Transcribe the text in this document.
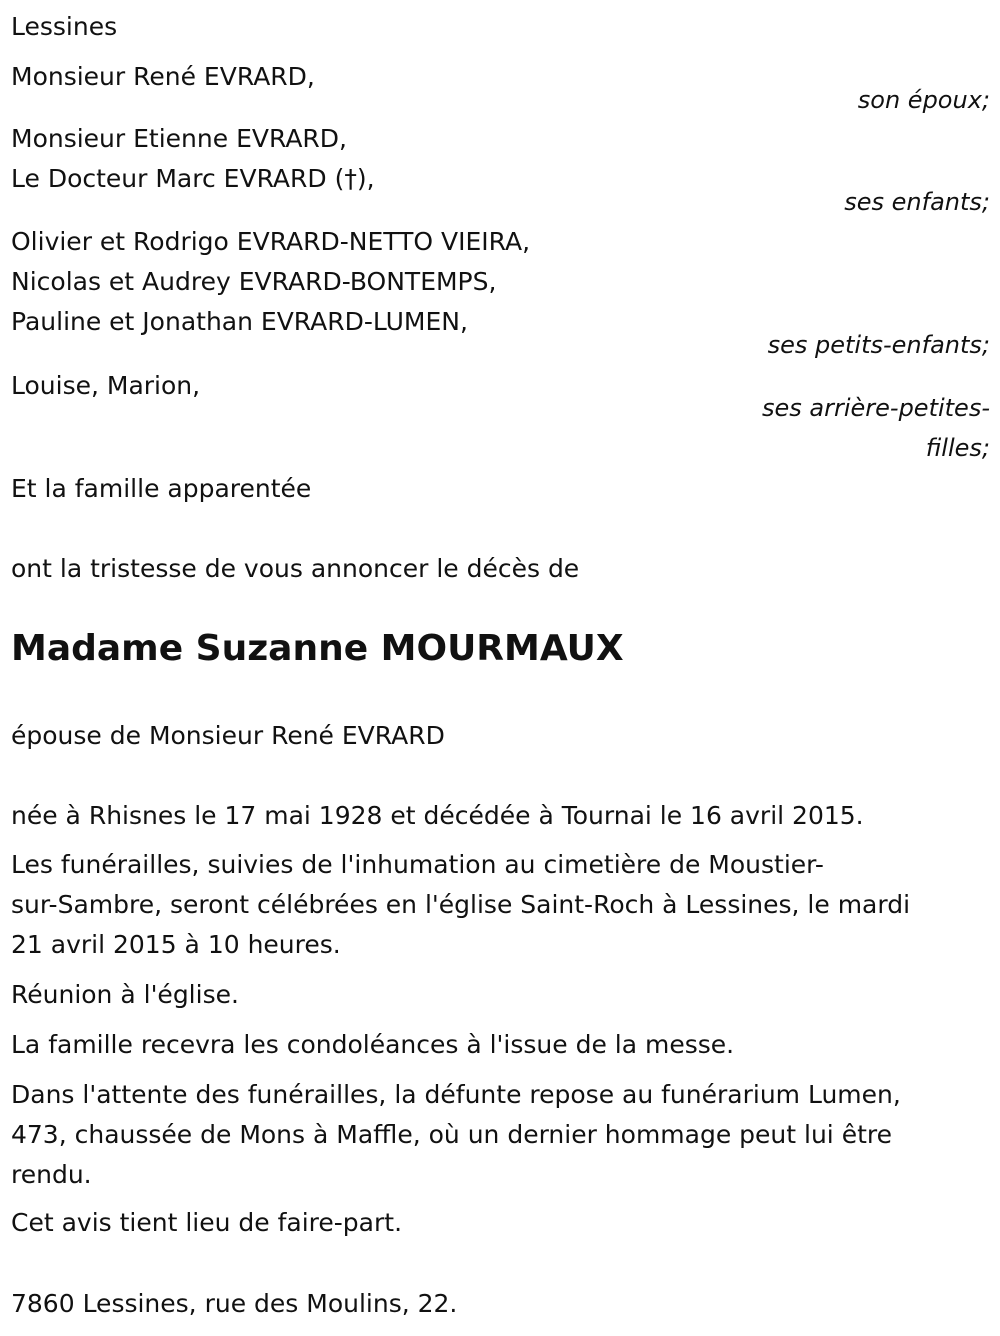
Lessines
Monsieur René EVRARD,
son époux;
Monsieur Etienne EVRARD,
Le Docteur Marc EVRARD (†),
ses enfants;
Olivier et Rodrigo EVRARD-NETTO VIEIRA,
Nicolas et Audrey EVRARD-BONTEMPS,
Pauline et Jonathan EVRARD-LUMEN,
ses petits-enfants;
Louise, Marion,
ses arrière-petites-
filles;
Et la famille apparentée
ont la tristesse de vous annoncer le décès de
Madame Suzanne MOURMAUX
épouse de Monsieur René EVRARD
née à Rhisnes le 17 mai 1928 et décédée à Tournai le 16 avril 2015.
Les funérailles, suivies de l'inhumation au cimetière de Moustier-
sur-Sambre, seront célébrées en l'église Saint-Roch à Lessines, le mardi
21 avril 2015 à 10 heures.
Réunion à l'église.
La famille recevra les condoléances à l'issue de la messe.
Dans l'attente des funérailles, la défunte repose au funérarium Lumen,
473, chaussée de Mons à Maffle, où un dernier hommage peut lui être
rendu.
Cet avis tient lieu de faire-part.
7860 Lessines, rue des Moulins, 22.
